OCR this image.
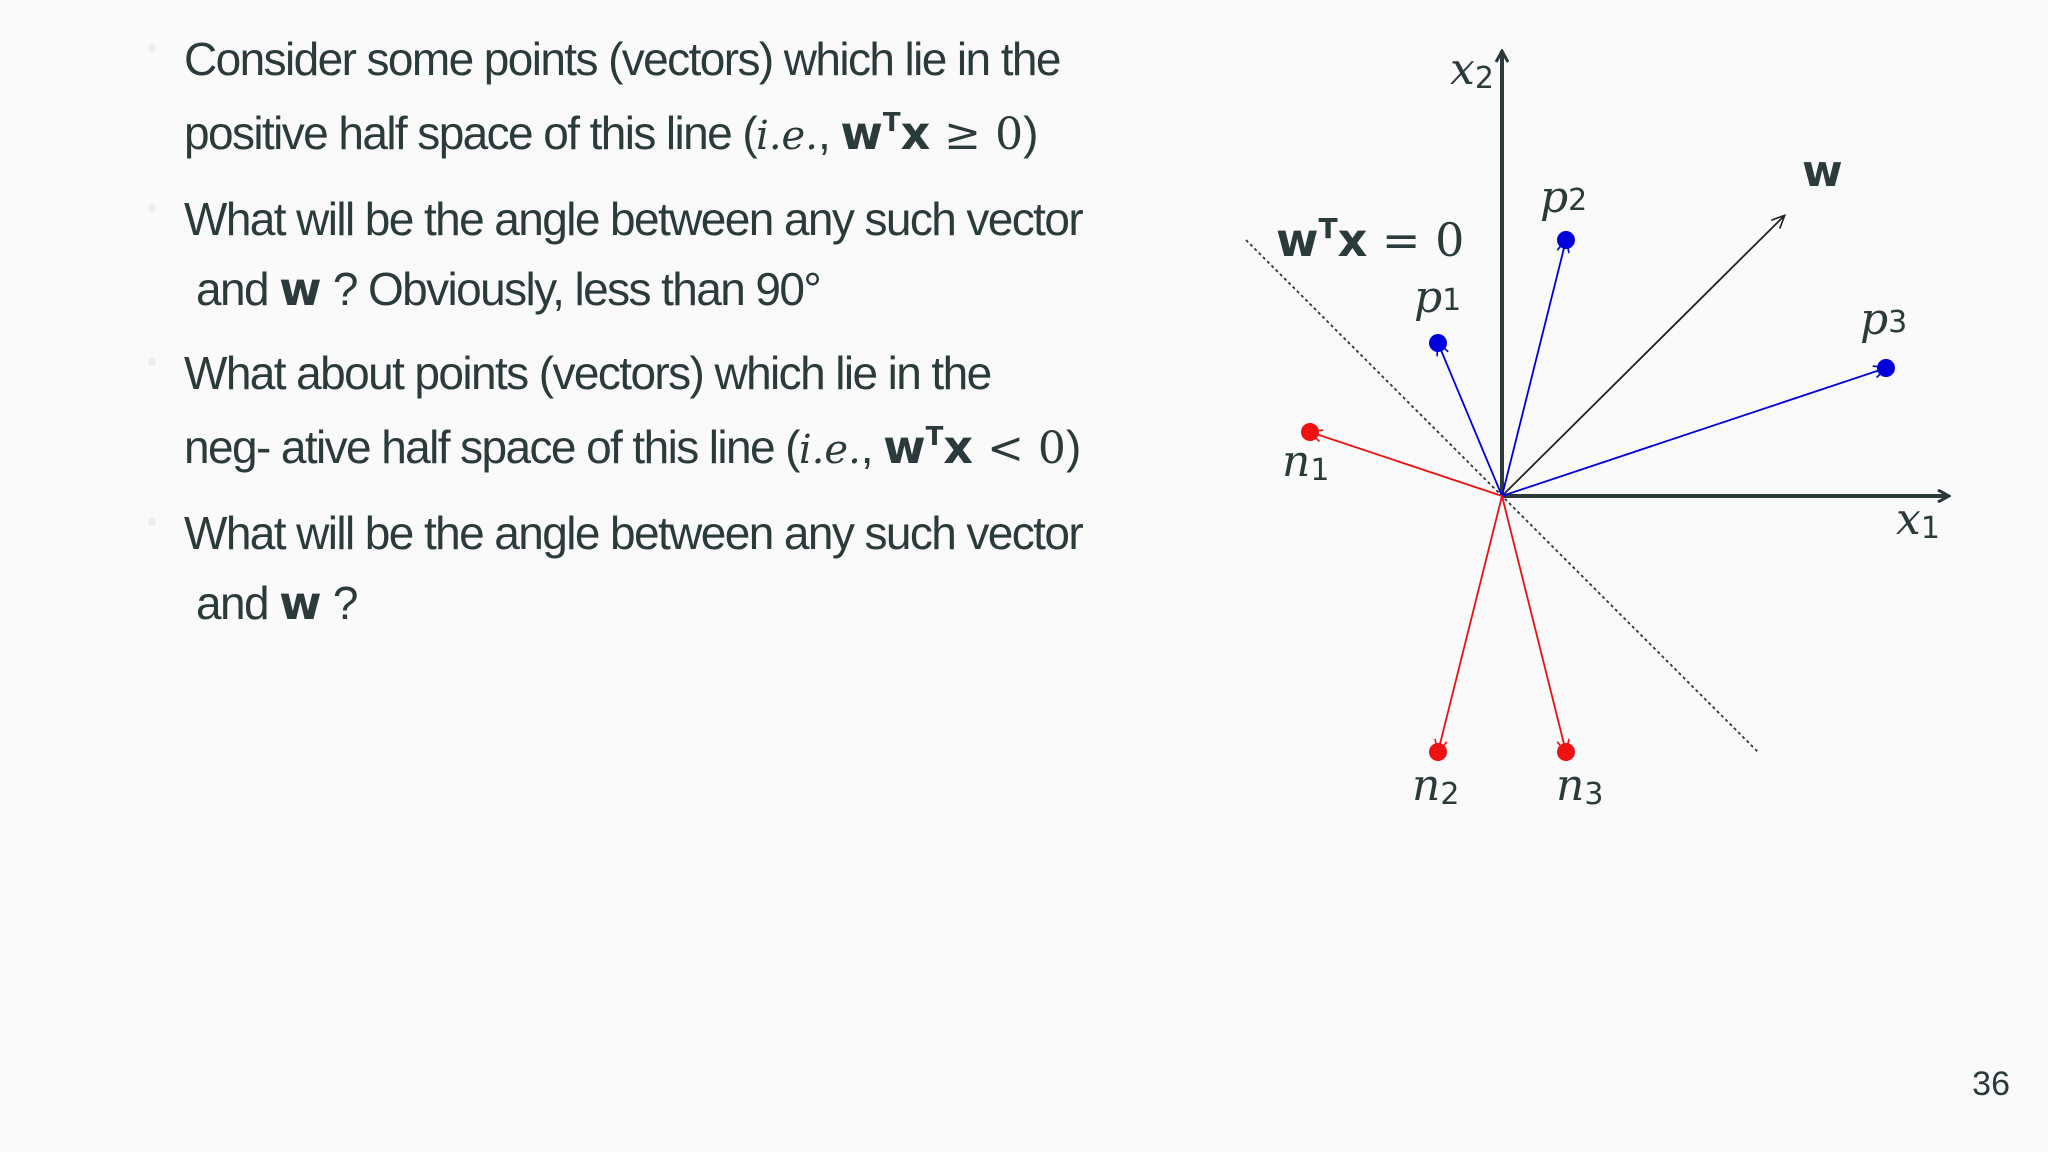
Consider some points (vectors) which lie in the
positive half space of this line (i.e., $w^Tx \ge 0$)
What will be the angle between any such vector
and w ? Obviously, less than 90°
What about points (vectors) which lie in the
neg- ative half space of this line (i.e., $w^Tx < 0$)
What will be the angle between any such vector
and w ?
x2
x1
w
wTx = 0
p1
p2
p3
n1
n2 n3
36
